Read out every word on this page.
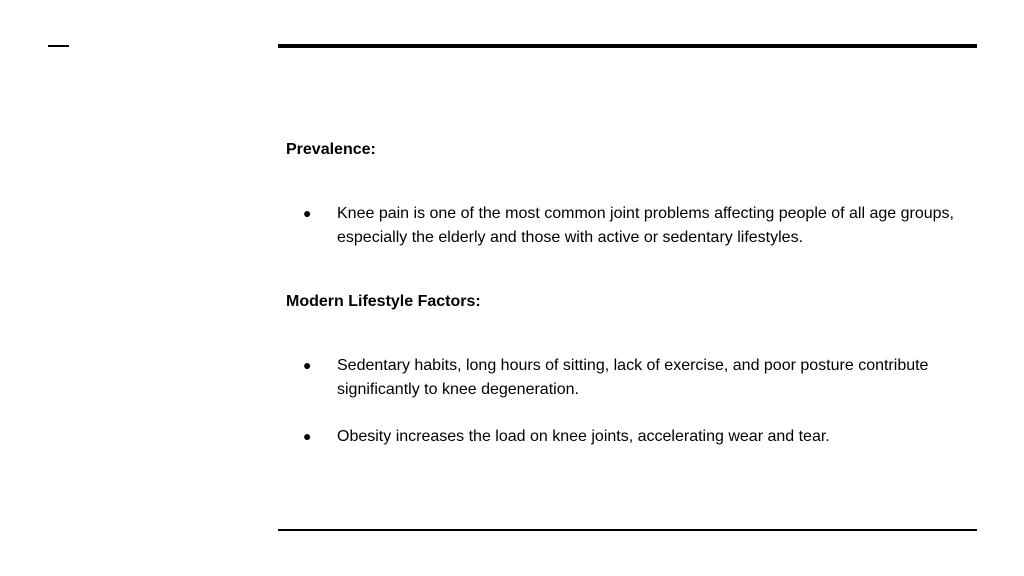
Prevalence:
● Knee pain is one of the most common joint problems affecting people of all age groups, especially the elderly and those with active or sedentary lifestyles.
Modern Lifestyle Factors:
● Sedentary habits, long hours of sitting, lack of exercise, and poor posture contribute significantly to knee degeneration.
● Obesity increases the load on knee joints, accelerating wear and tear.
